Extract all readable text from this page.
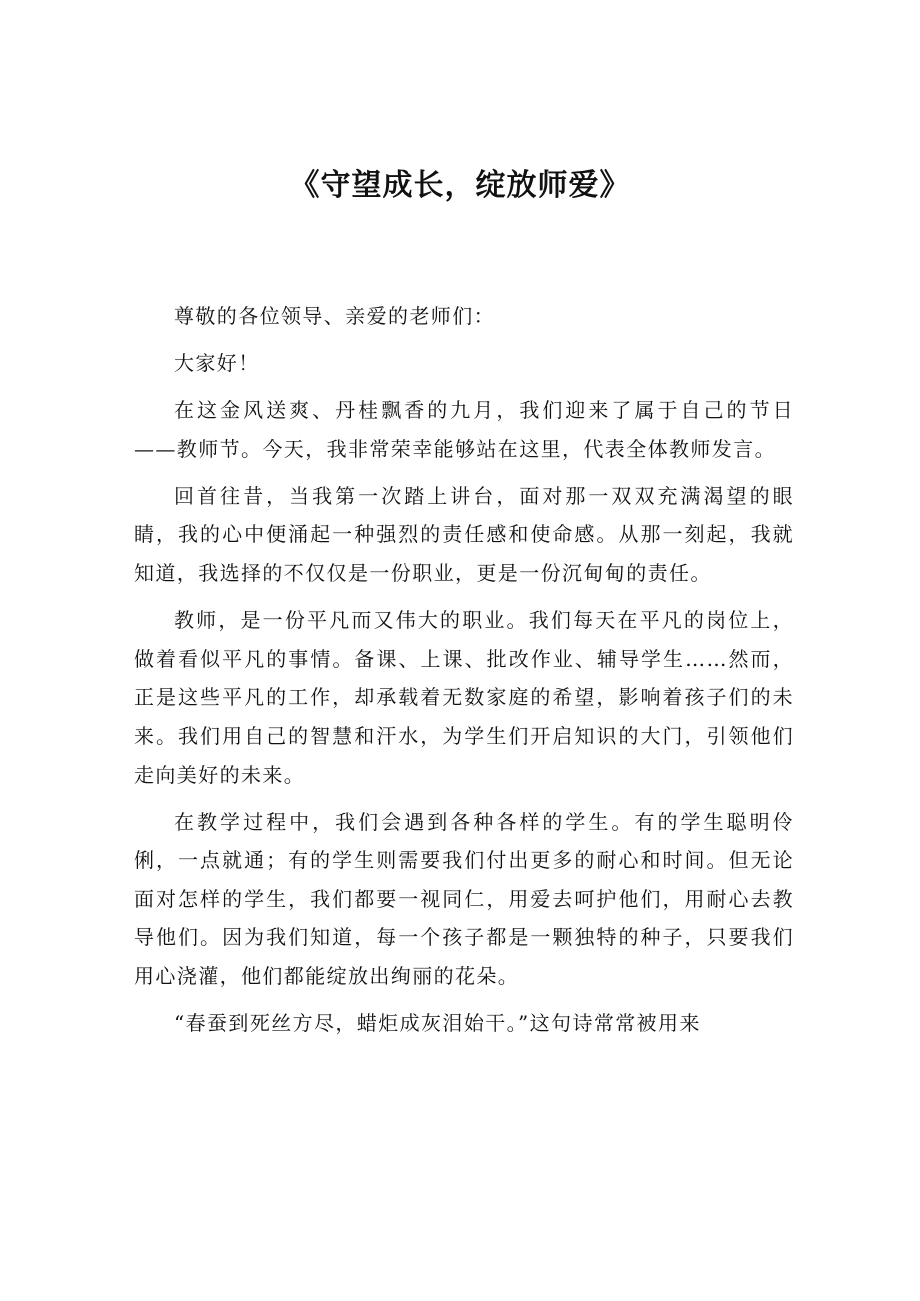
《守望成长，绽放师爱》

尊敬的各位领导、亲爱的老师们：

大家好！

在这金风送爽、丹桂飘香的九月，我们迎来了属于自己的节日——教师节。今天，我非常荣幸能够站在这里，代表全体教师发言。

回首往昔，当我第一次踏上讲台，面对那一双双充满渴望的眼睛，我的心中便涌起一种强烈的责任感和使命感。从那一刻起，我就知道，我选择的不仅仅是一份职业，更是一份沉甸甸的责任。

教师，是一份平凡而又伟大的职业。我们每天在平凡的岗位上，做着看似平凡的事情。备课、上课、批改作业、辅导学生……然而，正是这些平凡的工作，却承载着无数家庭的希望，影响着孩子们的未来。我们用自己的智慧和汗水，为学生们开启知识的大门，引领他们走向美好的未来。

在教学过程中，我们会遇到各种各样的学生。有的学生聪明伶俐，一点就通；有的学生则需要我们付出更多的耐心和时间。但无论面对怎样的学生，我们都要一视同仁，用爱去呵护他们，用耐心去教导他们。因为我们知道，每一个孩子都是一颗独特的种子，只要我们用心浇灌，他们都能绽放出绚丽的花朵。

“春蚕到死丝方尽，蜡炬成灰泪始干。”这句诗常常被用来
